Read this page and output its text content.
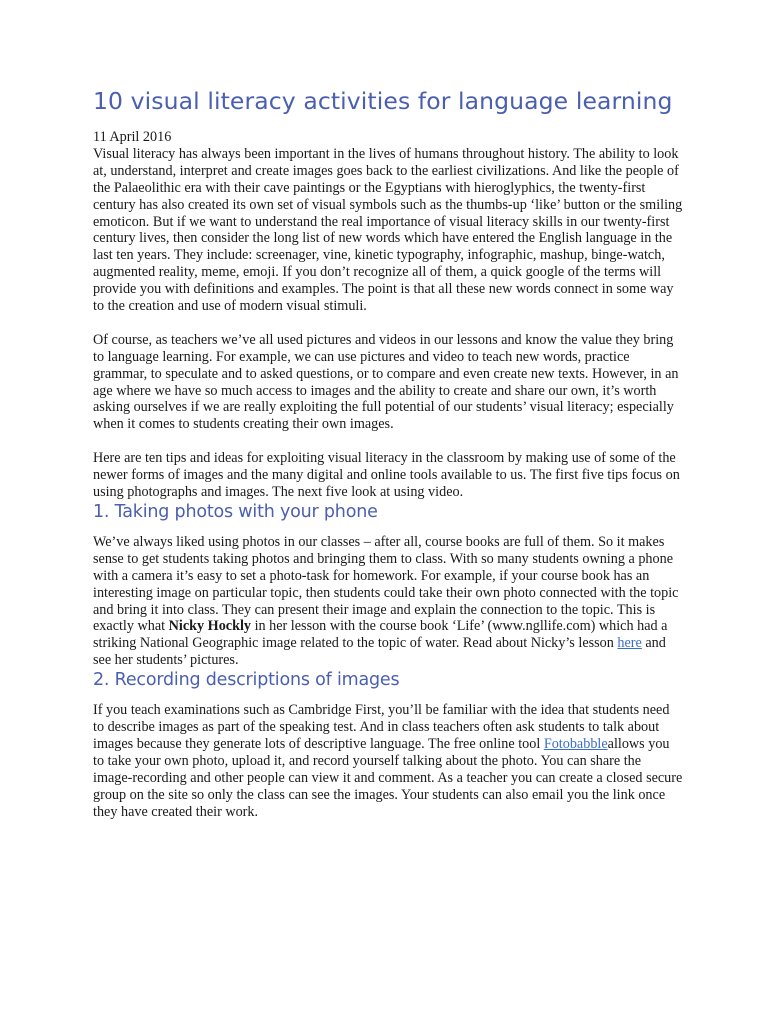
10 visual literacy activities for language learning

11 April 2016

Visual literacy has always been important in the lives of humans throughout history. The ability to look at, understand, interpret and create images goes back to the earliest civilizations. And like the people of the Palaeolithic era with their cave paintings or the Egyptians with hieroglyphics, the twenty-first century has also created its own set of visual symbols such as the thumbs-up ‘like’ button or the smiling emoticon. But if we want to understand the real importance of visual literacy skills in our twenty-first century lives, then consider the long list of new words which have entered the English language in the last ten years. They include: screenager, vine, kinetic typography, infographic, mashup, binge-watch, augmented reality, meme, emoji. If you don’t recognize all of them, a quick google of the terms will provide you with definitions and examples. The point is that all these new words connect in some way to the creation and use of modern visual stimuli.

Of course, as teachers we’ve all used pictures and videos in our lessons and know the value they bring to language learning. For example, we can use pictures and video to teach new words, practice grammar, to speculate and to asked questions, or to compare and even create new texts. However, in an age where we have so much access to images and the ability to create and share our own, it’s worth asking ourselves if we are really exploiting the full potential of our students’ visual literacy; especially when it comes to students creating their own images.

Here are ten tips and ideas for exploiting visual literacy in the classroom by making use of some of the newer forms of images and the many digital and online tools available to us. The first five tips focus on using photographs and images. The next five look at using video.

1. Taking photos with your phone

We’ve always liked using photos in our classes – after all, course books are full of them. So it makes sense to get students taking photos and bringing them to class. With so many students owning a phone with a camera it’s easy to set a photo-task for homework. For example, if your course book has an interesting image on particular topic, then students could take their own photo connected with the topic and bring it into class. They can present their image and explain the connection to the topic. This is exactly what Nicky Hockly in her lesson with the course book ‘Life’ (www.ngllife.com) which had a striking National Geographic image related to the topic of water. Read about Nicky’s lesson here and see her students’ pictures.

2. Recording descriptions of images

If you teach examinations such as Cambridge First, you’ll be familiar with the idea that students need to describe images as part of the speaking test. And in class teachers often ask students to talk about images because they generate lots of descriptive language. The free online tool Fotobabbleallows you to take your own photo, upload it, and record yourself talking about the photo. You can share the image-recording and other people can view it and comment. As a teacher you can create a closed secure group on the site so only the class can see the images. Your students can also email you the link once they have created their work.
